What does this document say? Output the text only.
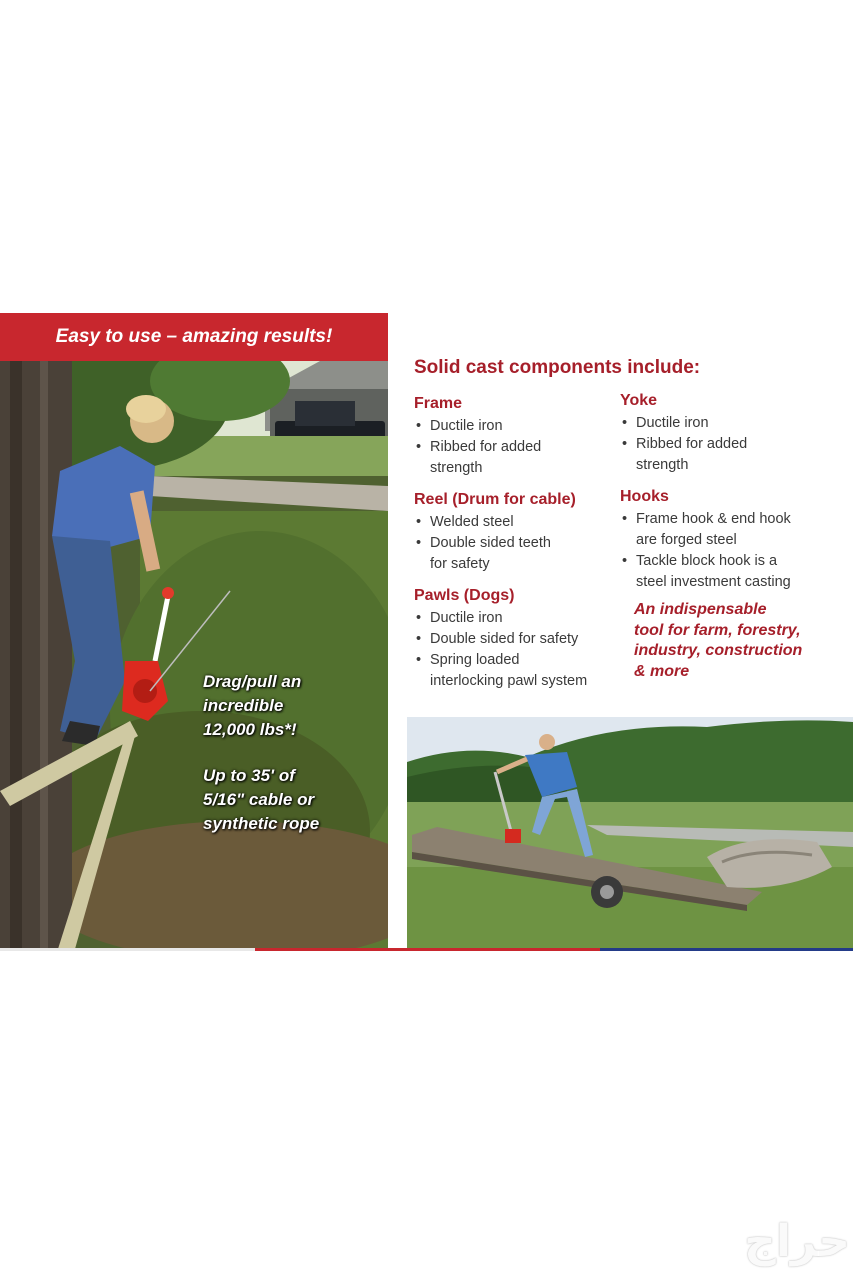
Easy to use – amazing results!
Drag/pull an
incredible
12,000 lbs*!
Up to 35' of
5/16" cable or
synthetic rope
Solid cast components include:
Frame
• Ductile iron
• Ribbed for added
strength
Reel (Drum for cable)
• Welded steel
• Double sided teeth
for safety
Pawls (Dogs)
• Ductile iron
• Double sided for safety
• Spring loaded
interlocking pawl system
Yoke
• Ductile iron
• Ribbed for added
strength
Hooks
• Frame hook & end hook
are forged steel
• Tackle block hook is a
steel investment casting
An indispensable
tool for farm, forestry,
industry, construction
& more
حراج
